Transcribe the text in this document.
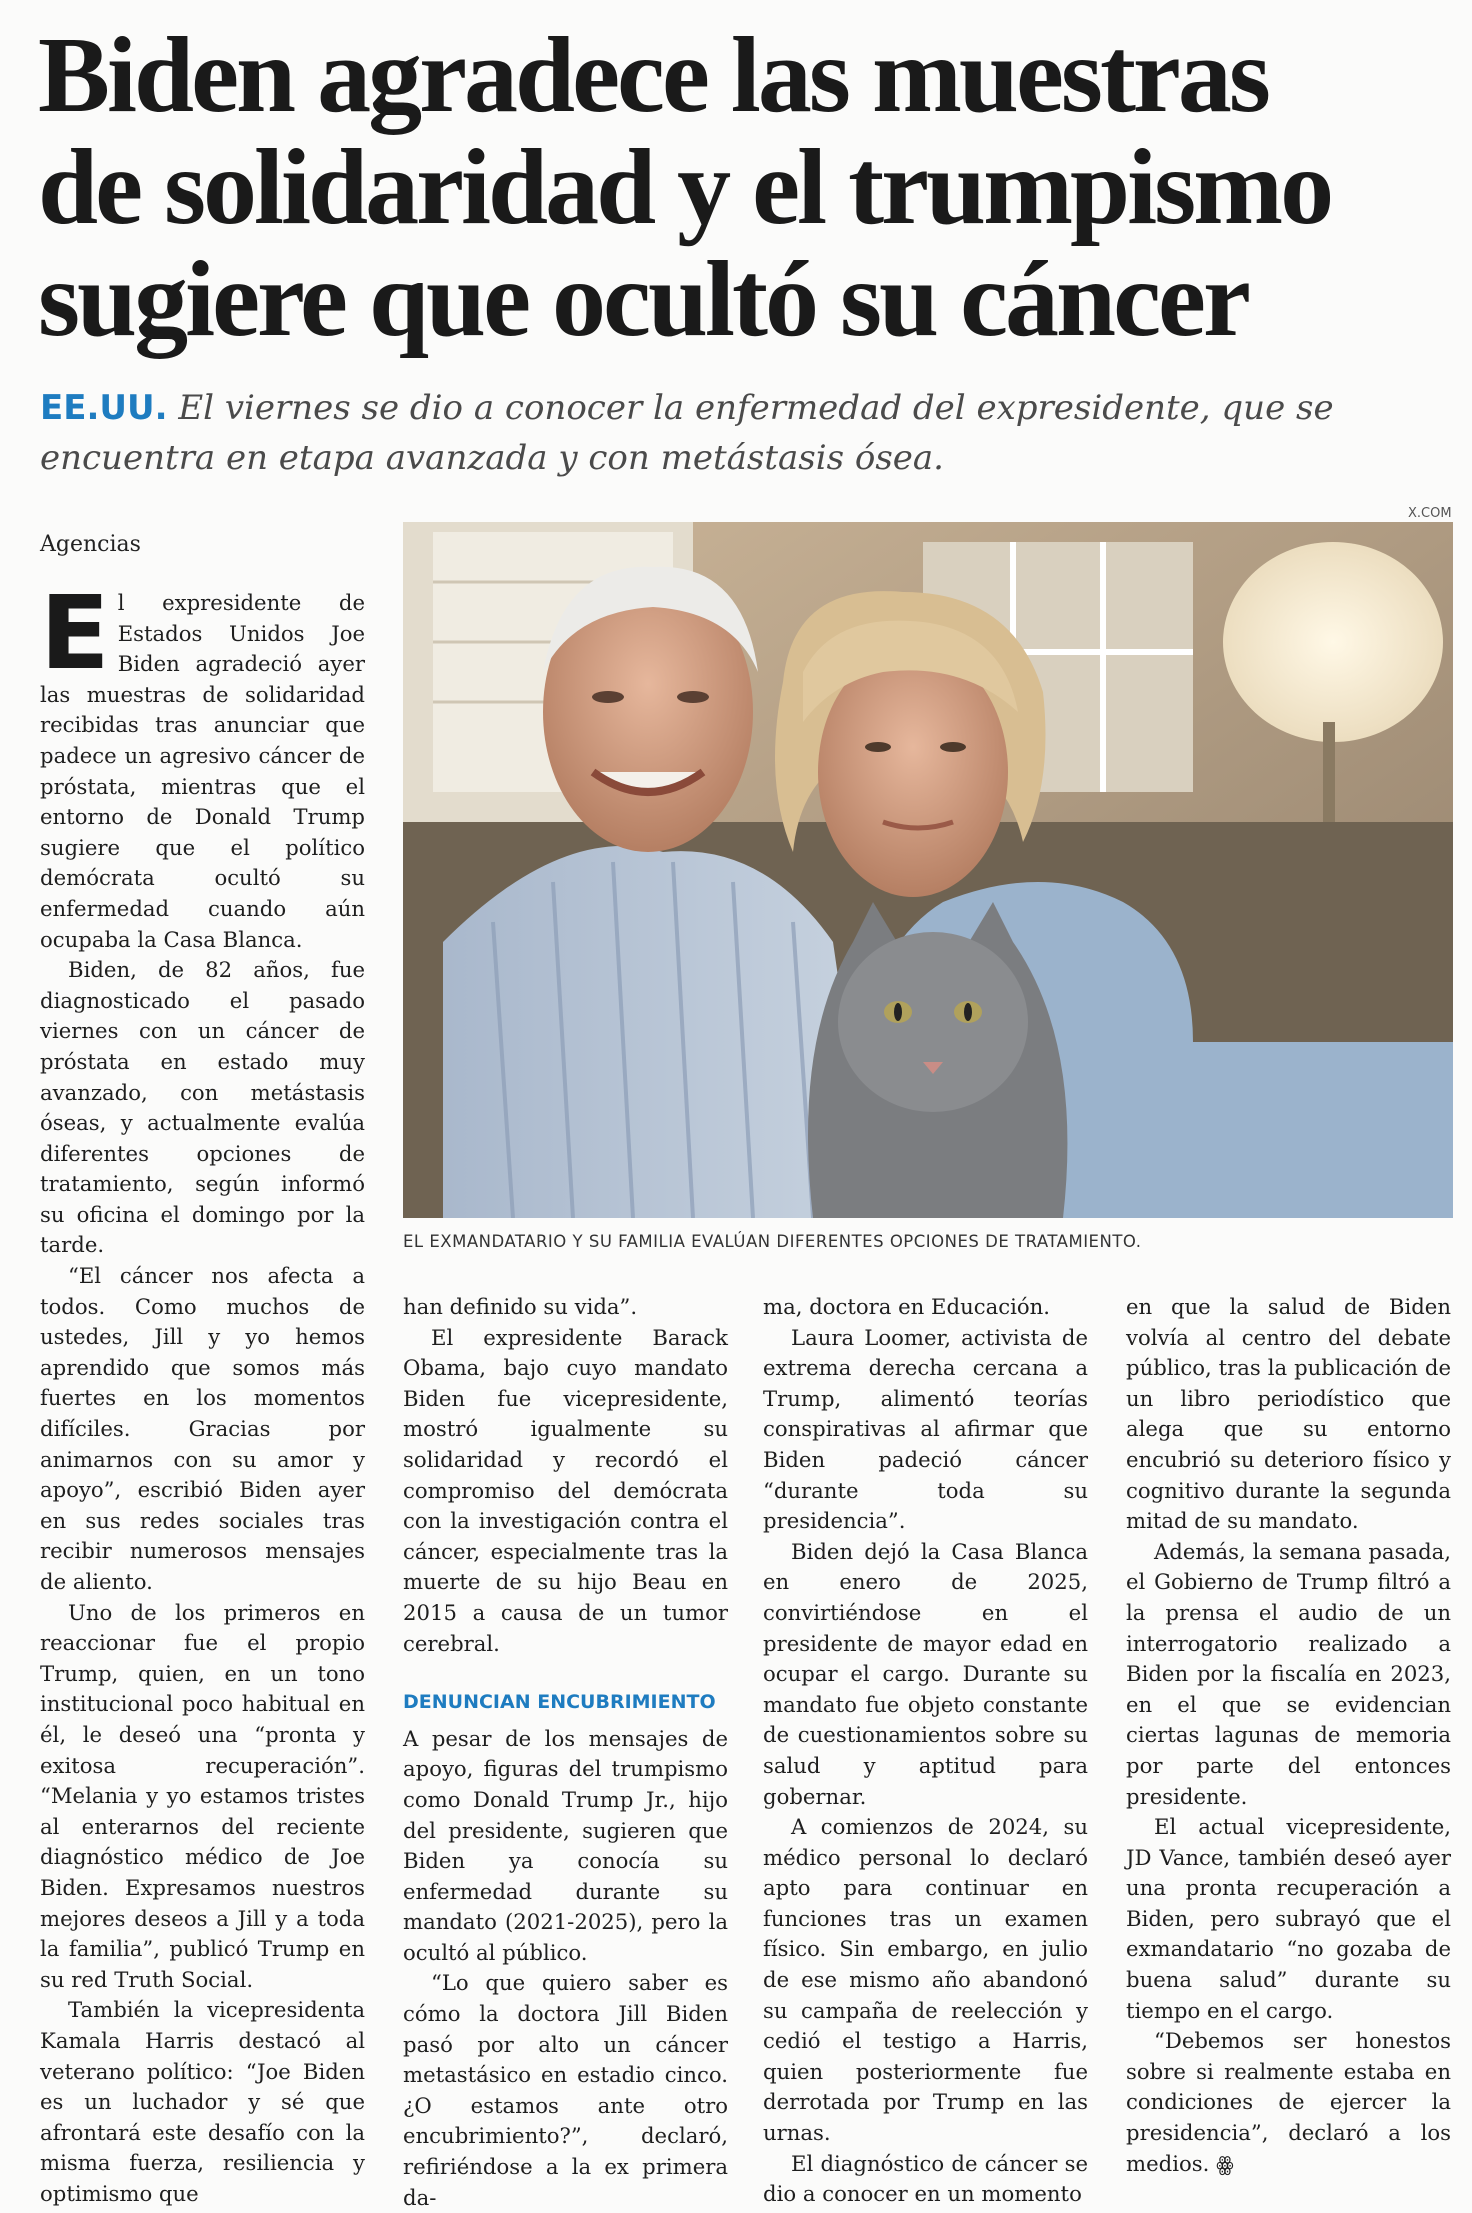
Biden agradece las muestras
de solidaridad y el trumpismo
sugiere que ocultó su cáncer
EE.UU. El viernes se dio a conocer la enfermedad del expresidente, que se encuentra en etapa avanzada y con metástasis ósea.
Agencias
X.COM
EL EXMANDATARIO Y SU FAMILIA EVALÚAN DIFERENTES OPCIONES DE TRATAMIENTO.
E l expresidente de Estados Unidos Joe Biden agradeció ayer las muestras de solidaridad recibidas tras anunciar que padece un agresivo cáncer de próstata, mientras que el entorno de Donald Trump sugiere que el político demócrata ocultó su enfermedad cuando aún ocupaba la Casa Blanca.

Biden, de 82 años, fue diagnosticado el pasado viernes con un cáncer de próstata en estado muy avanzado, con metástasis óseas, y actualmente evalúa diferentes opciones de tratamiento, según informó su oficina el domingo por la tarde.

“El cáncer nos afecta a todos. Como muchos de ustedes, Jill y yo hemos aprendido que somos más fuertes en los momentos difíciles. Gracias por animarnos con su amor y apoyo”, escribió Biden ayer en sus redes sociales tras recibir numerosos mensajes de aliento.

Uno de los primeros en reaccionar fue el propio Trump, quien, en un tono institucional poco habitual en él, le deseó una “pronta y exitosa recuperación”. “Melania y yo estamos tristes al enterarnos del reciente diagnóstico médico de Joe Biden. Expresamos nuestros mejores deseos a Jill y a toda la familia”, publicó Trump en su red Truth Social.

También la vicepresidenta Kamala Harris destacó al veterano político: “Joe Biden es un luchador y sé que afrontará este desafío con la misma fuerza, resiliencia y optimismo que

han definido su vida”.

El expresidente Barack Obama, bajo cuyo mandato Biden fue vicepresidente, mostró igualmente su solidaridad y recordó el compromiso del demócrata con la investigación contra el cáncer, especialmente tras la muerte de su hijo Beau en 2015 a causa de un tumor cerebral.

DENUNCIAN ENCUBRIMIENTO

A pesar de los mensajes de apoyo, figuras del trumpismo como Donald Trump Jr., hijo del presidente, sugieren que Biden ya conocía su enfermedad durante su mandato (2021-2025), pero la ocultó al público.

“Lo que quiero saber es cómo la doctora Jill Biden pasó por alto un cáncer metastásico en estadio cinco. ¿O estamos ante otro encubrimiento?”, declaró, refiriéndose a la ex primera da-

ma, doctora en Educación.

Laura Loomer, activista de extrema derecha cercana a Trump, alimentó teorías conspirativas al afirmar que Biden padeció cáncer “durante toda su presidencia”.

Biden dejó la Casa Blanca en enero de 2025, convirtiéndose en el presidente de mayor edad en ocupar el cargo. Durante su mandato fue objeto constante de cuestionamientos sobre su salud y aptitud para gobernar.

A comienzos de 2024, su médico personal lo declaró apto para continuar en funciones tras un examen físico. Sin embargo, en julio de ese mismo año abandonó su campaña de reelección y cedió el testigo a Harris, quien posteriormente fue derrotada por Trump en las urnas.

El diagnóstico de cáncer se dio a conocer en un momento

en que la salud de Biden volvía al centro del debate público, tras la publicación de un libro periodístico que alega que su entorno encubrió su deterioro físico y cognitivo durante la segunda mitad de su mandato.

Además, la semana pasada, el Gobierno de Trump filtró a la prensa el audio de un interrogatorio realizado a Biden por la fiscalía en 2023, en el que se evidencian ciertas lagunas de memoria por parte del entonces presidente.

El actual vicepresidente, JD Vance, también deseó ayer una pronta recuperación a Biden, pero subrayó que el exmandatario “no gozaba de buena salud” durante su tiempo en el cargo.

“Debemos ser honestos sobre si realmente estaba en condiciones de ejercer la presidencia”, declaró a los medios. ꙮ
